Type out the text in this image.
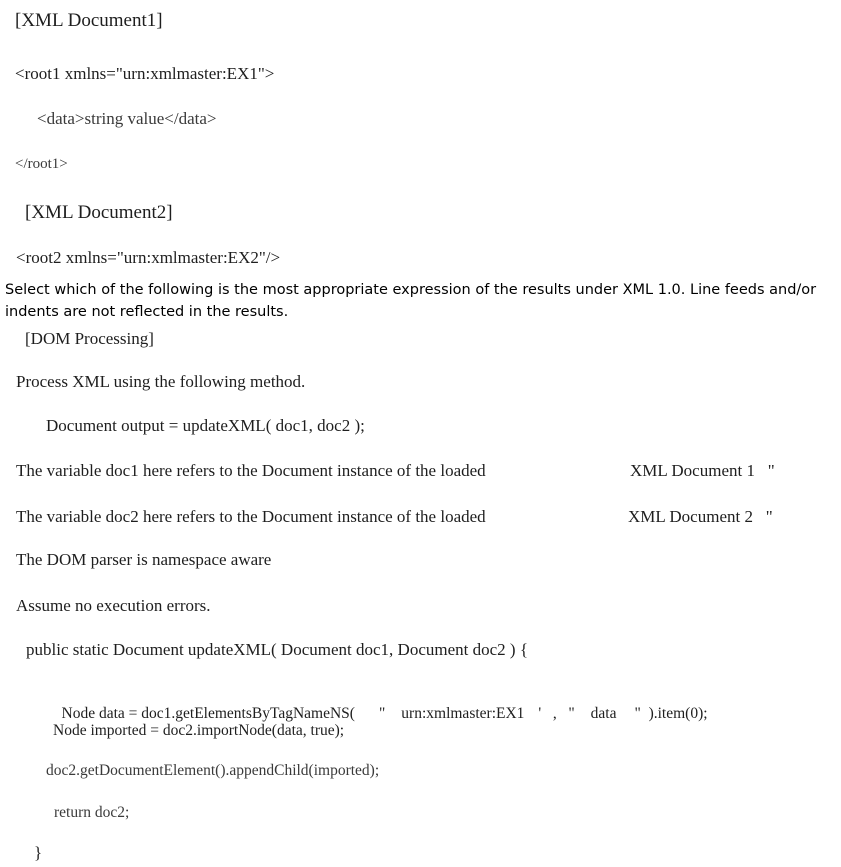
[XML Document1]
<root1 xmlns="urn:xmlmaster:EX1">
<data>string value</data>
</root1>
[XML Document2]
<root2 xmlns="urn:xmlmaster:EX2"/>
Select which of the following is the most appropriate expression of the results under XML 1.0. Line feeds and/or indents are not reflected in the results.
[DOM Processing]
Process XML using the following method.
Document output = updateXML( doc1, doc2 );
The variable doc1 here refers to the Document instance of the loaded	XML Document 1   "
The variable doc2 here refers to the Document instance of the loaded	XML Document 2   "
The DOM parser is namespace aware
Assume no execution errors.
public static Document updateXML( Document doc1, Document doc2 ) {

Node data = doc1.getElementsByTagNameNS( " urn:xmlmaster:EX1 '   ,   " data "  ).item(0);

Node imported = doc2.importNode(data, true);
doc2.getDocumentElement().appendChild(imported);
return doc2;
}
